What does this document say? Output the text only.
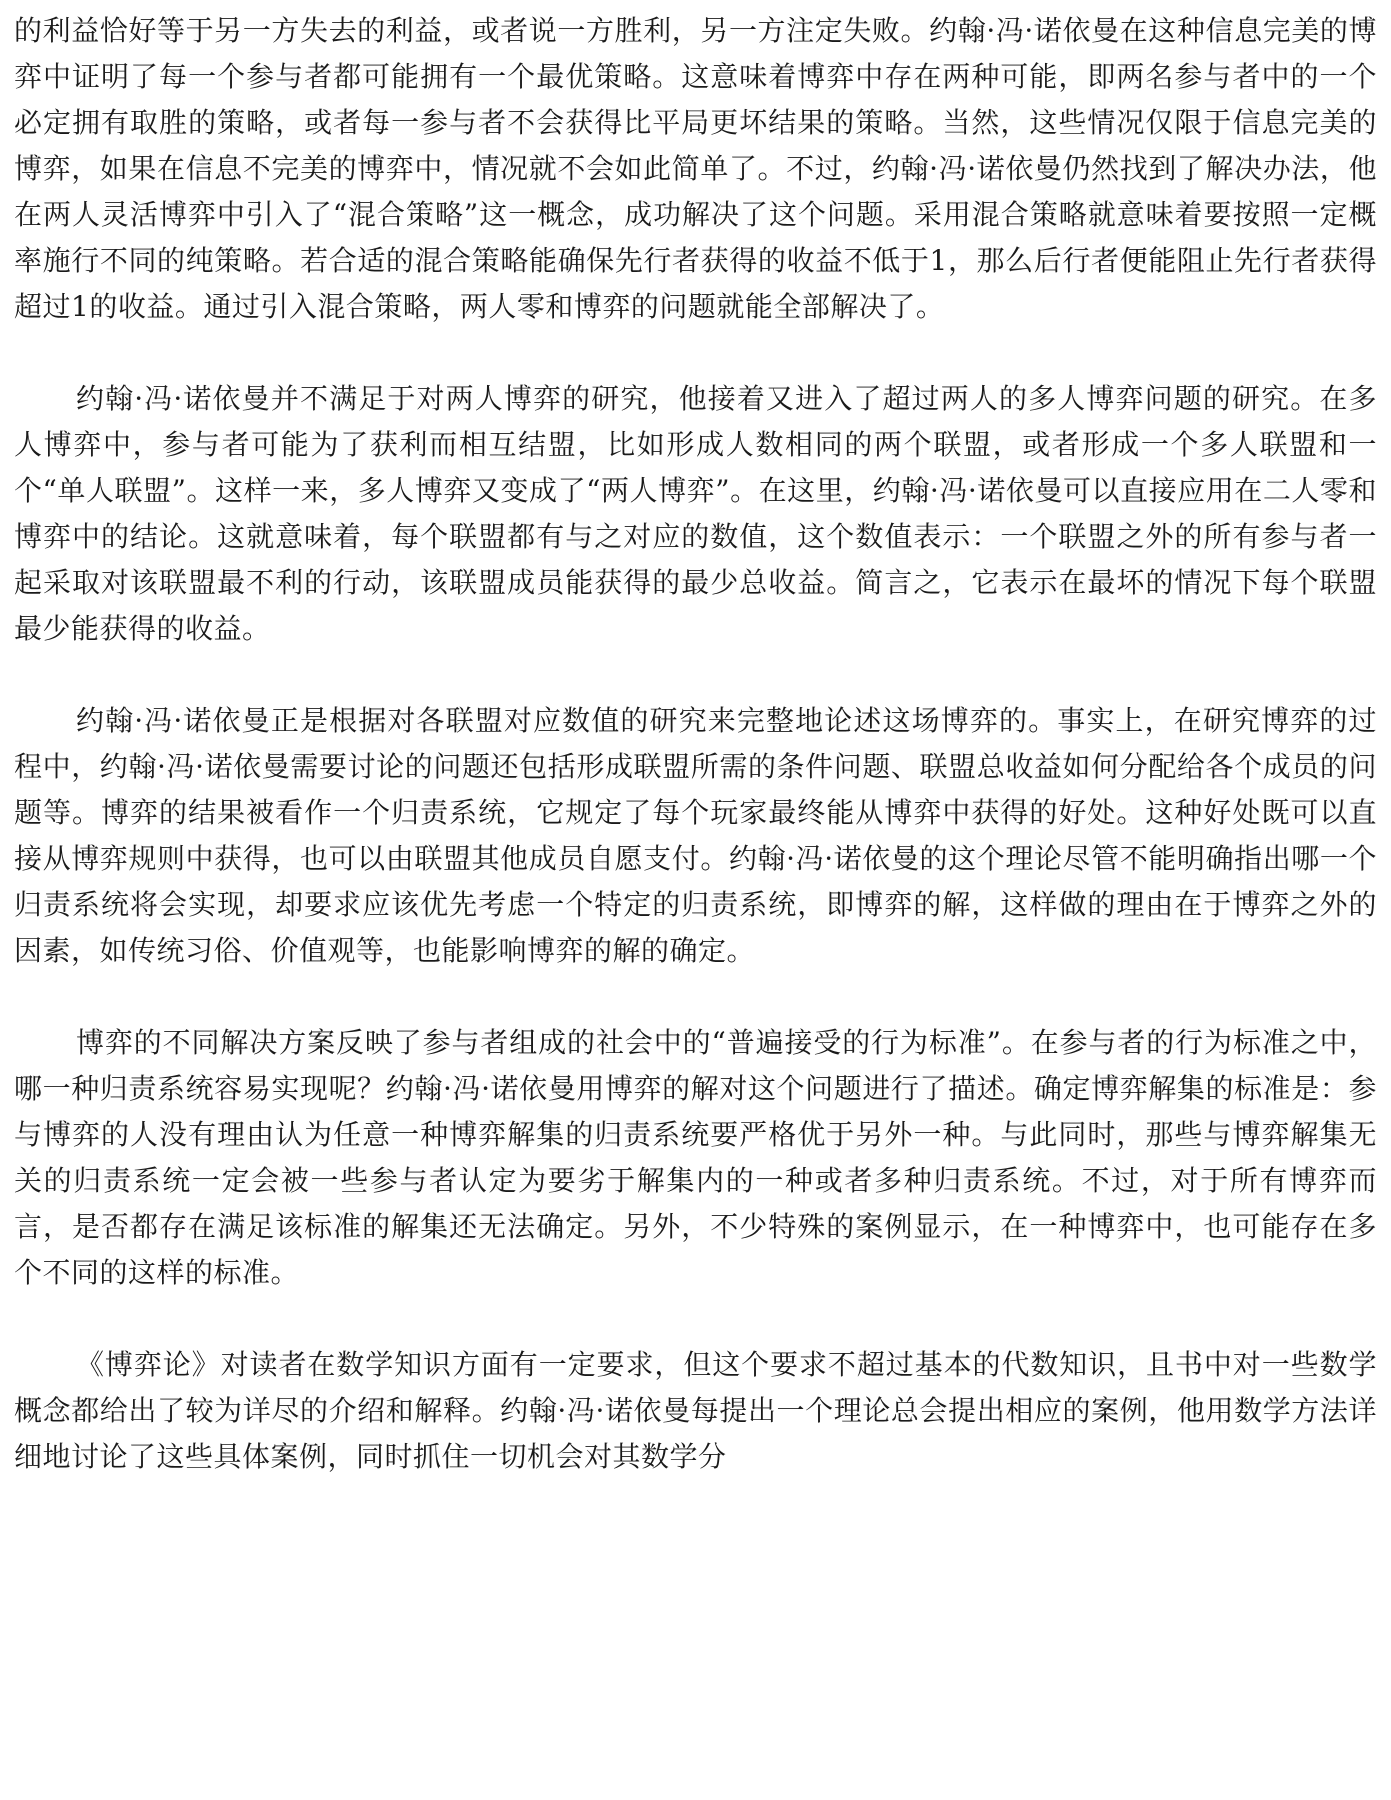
的利益恰好等于另一方失去的利益，或者说一方胜利，另一方注定失败。约翰·冯·诺依曼在这种信息完美的博弈中证明了每一个参与者都可能拥有一个最优策略。这意味着博弈中存在两种可能，即两名参与者中的一个必定拥有取胜的策略，或者每一参与者不会获得比平局更坏结果的策略。当然，这些情况仅限于信息完美的博弈，如果在信息不完美的博弈中，情况就不会如此简单了。不过，约翰·冯·诺依曼仍然找到了解决办法，他在两人灵活博弈中引入了“混合策略”这一概念，成功解决了这个问题。采用混合策略就意味着要按照一定概率施行不同的纯策略。若合适的混合策略能确保先行者获得的收益不低于1，那么后行者便能阻止先行者获得超过1的收益。通过引入混合策略，两人零和博弈的问题就能全部解决了。

约翰·冯·诺依曼并不满足于对两人博弈的研究，他接着又进入了超过两人的多人博弈问题的研究。在多人博弈中，参与者可能为了获利而相互结盟，比如形成人数相同的两个联盟，或者形成一个多人联盟和一个“单人联盟”。这样一来，多人博弈又变成了“两人博弈”。在这里，约翰·冯·诺依曼可以直接应用在二人零和博弈中的结论。这就意味着，每个联盟都有与之对应的数值，这个数值表示：一个联盟之外的所有参与者一起采取对该联盟最不利的行动，该联盟成员能获得的最少总收益。简言之，它表示在最坏的情况下每个联盟最少能获得的收益。

约翰·冯·诺依曼正是根据对各联盟对应数值的研究来完整地论述这场博弈的。事实上，在研究博弈的过程中，约翰·冯·诺依曼需要讨论的问题还包括形成联盟所需的条件问题、联盟总收益如何分配给各个成员的问题等。博弈的结果被看作一个归责系统，它规定了每个玩家最终能从博弈中获得的好处。这种好处既可以直接从博弈规则中获得，也可以由联盟其他成员自愿支付。约翰·冯·诺依曼的这个理论尽管不能明确指出哪一个归责系统将会实现，却要求应该优先考虑一个特定的归责系统，即博弈的解，这样做的理由在于博弈之外的因素，如传统习俗、价值观等，也能影响博弈的解的确定。

博弈的不同解决方案反映了参与者组成的社会中的“普遍接受的行为标准”。在参与者的行为标准之中，哪一种归责系统容易实现呢？约翰·冯·诺依曼用博弈的解对这个问题进行了描述。确定博弈解集的标准是：参与博弈的人没有理由认为任意一种博弈解集的归责系统要严格优于另外一种。与此同时，那些与博弈解集无关的归责系统一定会被一些参与者认定为要劣于解集内的一种或者多种归责系统。不过，对于所有博弈而言，是否都存在满足该标准的解集还无法确定。另外，不少特殊的案例显示，在一种博弈中，也可能存在多个不同的这样的标准。

《博弈论》对读者在数学知识方面有一定要求，但这个要求不超过基本的代数知识，且书中对一些数学概念都给出了较为详尽的介绍和解释。约翰·冯·诺依曼每提出一个理论总会提出相应的案例，他用数学方法详细地讨论了这些具体案例，同时抓住一切机会对其数学分
